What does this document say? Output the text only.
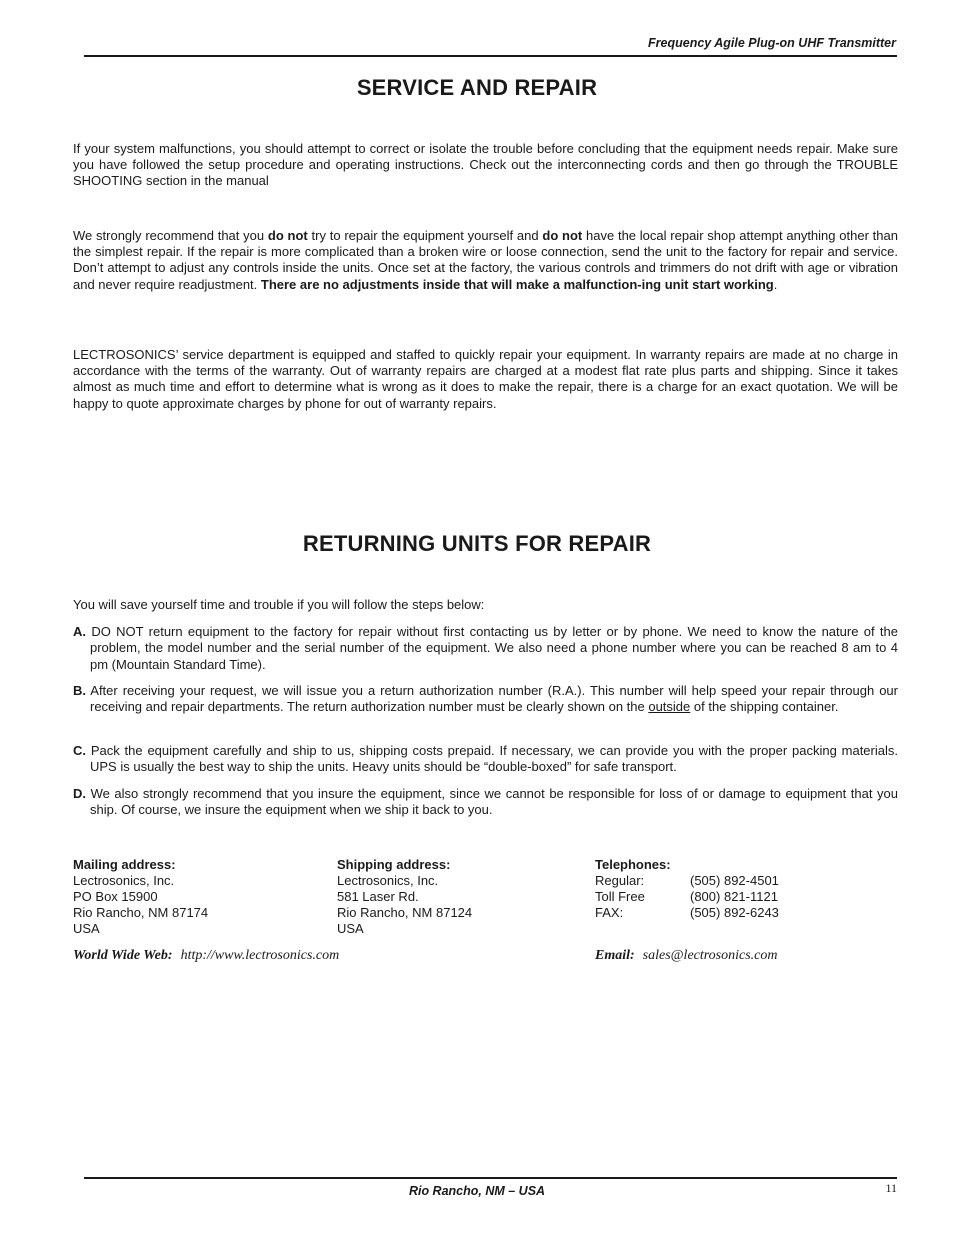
Frequency Agile Plug-on UHF Transmitter
SERVICE AND REPAIR
If your system malfunctions, you should attempt to correct or isolate the trouble before concluding that the equipment needs repair. Make sure you have followed the setup procedure and operating instructions. Check out the interconnecting cords and then go through the TROUBLE SHOOTING section in the manual
We strongly recommend that you do not try to repair the equipment yourself and do not have the local repair shop attempt anything other than the simplest repair. If the repair is more complicated than a broken wire or loose connection, send the unit to the factory for repair and service. Don’t attempt to adjust any controls inside the units. Once set at the factory, the various controls and trimmers do not drift with age or vibration and never require readjustment. There are no adjustments inside that will make a malfunction-ing unit start working.
LECTROSONICS’ service department is equipped and staffed to quickly repair your equipment. In warranty repairs are made at no charge in accordance with the terms of the warranty. Out of warranty repairs are charged at a modest flat rate plus parts and shipping. Since it takes almost as much time and effort to determine what is wrong as it does to make the repair, there is a charge for an exact quotation. We will be happy to quote approximate charges by phone for out of warranty repairs.
RETURNING UNITS FOR REPAIR
You will save yourself time and trouble if you will follow the steps below:
A. DO NOT return equipment to the factory for repair without first contacting us by letter or by phone. We need to know the nature of the problem, the model number and the serial number of the equipment. We also need a phone number where you can be reached 8 am to 4 pm (Mountain Standard Time).
B. After receiving your request, we will issue you a return authorization number (R.A.). This number will help speed your repair through our receiving and repair departments. The return authorization number must be clearly shown on the outside of the shipping container.
C. Pack the equipment carefully and ship to us, shipping costs prepaid. If necessary, we can provide you with the proper packing materials. UPS is usually the best way to ship the units. Heavy units should be “double-boxed” for safe transport.
D. We also strongly recommend that you insure the equipment, since we cannot be responsible for loss of or damage to equipment that you ship. Of course, we insure the equipment when we ship it back to you.
Mailing address:
Lectrosonics, Inc.
PO Box 15900
Rio Rancho, NM 87174
USA
Shipping address:
Lectrosonics, Inc.
581 Laser Rd.
Rio Rancho, NM 87124
USA
Telephones:
Regular:	(505) 892-4501
Toll Free	(800) 821-1121
FAX:	(505) 892-6243
World Wide Web: http://www.lectrosonics.com	Email: sales@lectrosonics.com
Rio Rancho, NM – USA	11
